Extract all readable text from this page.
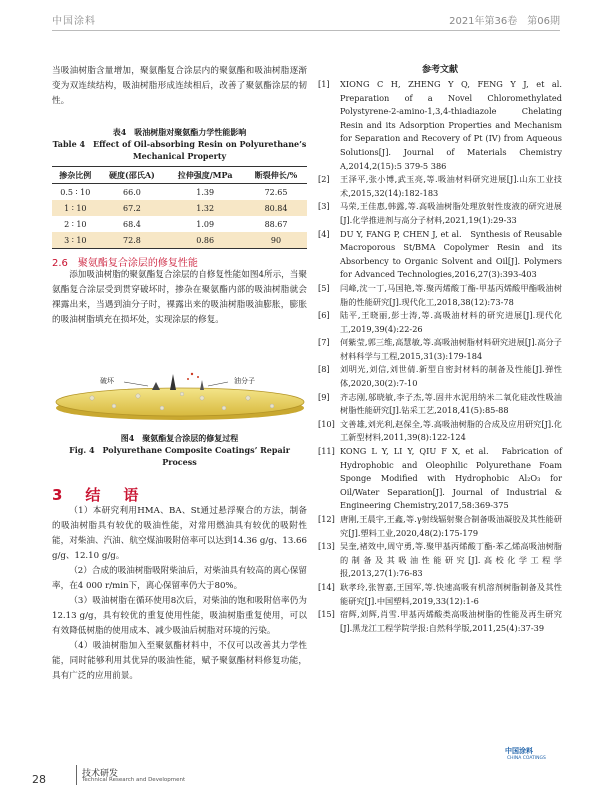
中国涂料	2021年第36卷　第06期

当吸油树脂含量增加，聚氨酯复合涂层内的聚氨酯和吸油树脂逐渐变为双连续结构，吸油树脂形成连续相后，改善了聚氨酯涂层的韧性。

表4　吸油树脂对聚氨酯力学性能影响
Table 4　Effect of Oil-absorbing Resin on Polyurethane’s
Mechanical Property
掺杂比例	硬度(邵氏A)	拉伸强度/MPa	断裂伸长/%
0.5 ∶ 10	66.0	1.39	72.65
1 ∶ 10	67.2	1.32	80.84
2 ∶ 10	68.4	1.09	88.67
3 ∶ 10	72.8	0.86	90
2.6　聚氨酯复合涂层的修复性能

添加吸油树脂的聚氨酯复合涂层的自修复性能如图4所示，当聚氨酯复合涂层受到贯穿破坏时，掺杂在聚氨酯内部的吸油树脂就会裸露出来，当遇到油分子时，裸露出来的吸油树脂吸油膨胀，膨胀的吸油树脂填充在损坏处，实现涂层的修复。

破坏	油分子
图4　聚氨酯复合涂层的修复过程
Fig. 4　Polyurethane Composite Coatings’ Repair Process
3　结　语

（1）本研究利用HMA、BA、St通过悬浮聚合的方法，制备的吸油树脂具有较优的吸油性能，对常用燃油具有较优的吸附性能，对柴油、汽油、航空煤油吸附倍率可以达到14.36 g/g、13.66 g/g、12.10 g/g。

（2）合成的吸油树脂吸附柴油后，对柴油具有较高的离心保留率，在4 000 r/min下，离心保留率仍大于80%。

（3）吸油树脂在循环使用8次后，对柴油的饱和吸附倍率仍为12.13 g/g，具有较优的重复使用性能，吸油树脂重复使用，可以有效降低树脂的使用成本、减少吸油后树脂对环境的污染。

（4）吸油树脂加入至聚氨酯材料中，不仅可以改善其力学性能，同时能够利用其优异的吸油性能，赋予聚氨酯材料修复功能，具有广泛的应用前景。

参考文献
[1]	XIONG C H, ZHENG Y Q, FENG Y J, et al. Preparation of a Novel Chloromethylated Polystyrene-2-amino-1,3,4-thiadiazole Chelating Resin and its Adsorption Properties and Mechanism for Separation and Recovery of Pt (IV) from Aqueous Solutions[J]. Journal of Materials Chemistry A,2014,2(15):5 379-5 386
[2]	王泽平,张小博,武玉亮,等.吸油材料研究进展[J].山东工业技术,2015,32(14):182-183
[3]	马荣,王佳惠,韩露,等.高吸油树脂处理放射性废液的研究进展[J].化学推进剂与高分子材料,2021,19(1):29-33
[4]	DU Y, FANG P, CHEN J, et al.　Synthesis of Reusable Macroporous St/BMA Copolymer Resin and its Absorbency to Organic Solvent and Oil[J]. Polymers for Advanced Technologies,2016,27(3):393-403
[5]	闫峰,沈一丁,马国艳,等.聚丙烯酸丁酯-甲基丙烯酸甲酯吸油树脂的性能研究[J].现代化工,2018,38(12):73-78
[6]	陆平,王晓丽,彭士涛,等.高吸油材料的研究进展[J].现代化工,2019,39(4):22-26
[7]	何紫莹,郭三维,高慧敏,等.高吸油树脂材料研究进展[J].高分子材料科学与工程,2015,31(3):179-184
[8]	刘明光,刘信,刘世倩.新型自密封材料的制备及性能[J].弹性体,2020,30(2):7-10
[9]	齐志刚,邬晓敏,李子杰,等.固井水泥用纳米二氧化硅改性吸油树脂性能研究[J].钻采工艺,2018,41(5):85-88
[10] 文善雄,刘光利,赵保全,等.高吸油树脂的合成及应用研究[J].化工新型材料,2011,39(8):122-124
[11] KONG L Y, LI Y, QIU F X, et al.　Fabrication of Hydrophobic and Oleophilic Polyurethane Foam Sponge Modified with Hydrophobic Al₂O₃ for Oil/Water Separation[J]. Journal of Industrial & Engineering Chemistry,2017,58:369-375
[12] 唐刚,王晨宇,王鑫,等.γ射线辐射聚合制备吸油凝胶及其性能研究[J].塑料工业,2020,48(2):175-179
[13] 吴奎,褚效中,周守勇,等.聚甲基丙烯酸丁酯-苯乙烯高吸油树脂的制备及其吸油性能研究[J].高校化学工程学报,2013,27(1):76-83
[14] 耿孝玲,张智嘉,王国军,等.快速高吸有机溶剂树脂制备及其性能研究[J].中国塑料,2019,33(12):1-6
[15] 宿辉,刘辉,肖雪.甲基丙烯酸类高吸油树脂的性能及再生研究[J].黑龙江工程学院学报:自然科学版,2011,25(4):37-39
28	技术研发
Technical Research and Development
中国涂料
CHINA COATINGS
